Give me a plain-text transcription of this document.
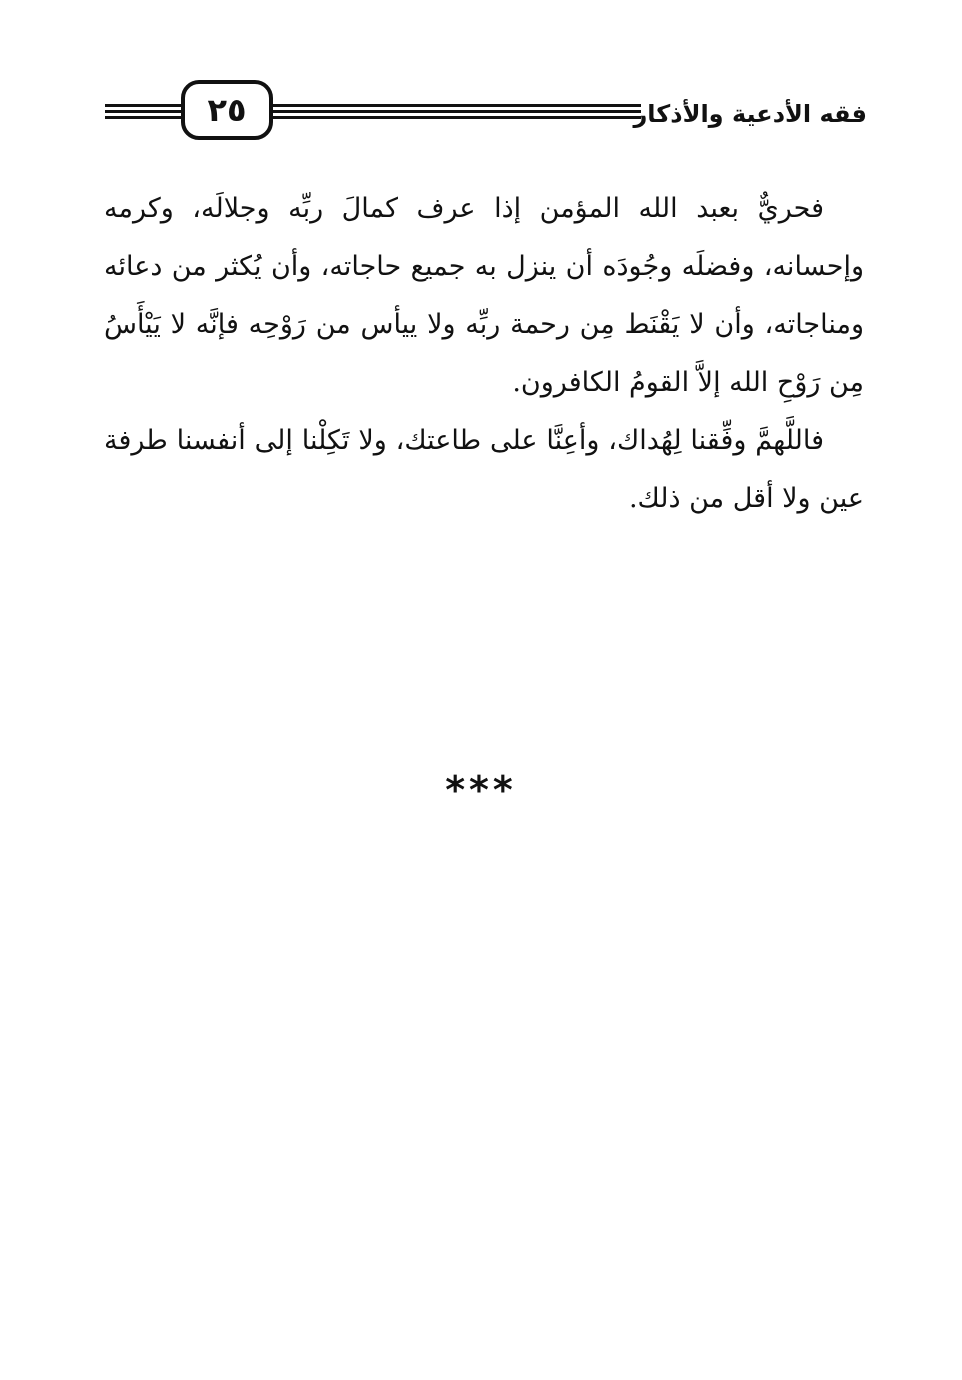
٢٥	فقه الأدعية والأذكار

فحريٌّ بعبد الله المؤمن إذا عرف كمالَ ربِّه وجلالَه، وكرمه وإحسانه، وفضلَه وجُودَه أن ينزل به جميع حاجاته، وأن يُكثر من دعائه ومناجاته، وأن لا يَقْنَط مِن رحمة ربِّه ولا ييأس من رَوْحِه فإنَّه لا يَيْأَسُ مِن رَوْحِ الله إلاَّ القومُ الكافرون.

فاللَّهمَّ وفِّقنا لِهُداك، وأعِنَّا على طاعتك، ولا تَكِلْنا إلى أنفسنا طرفة عين ولا أقل من ذلك.

***
